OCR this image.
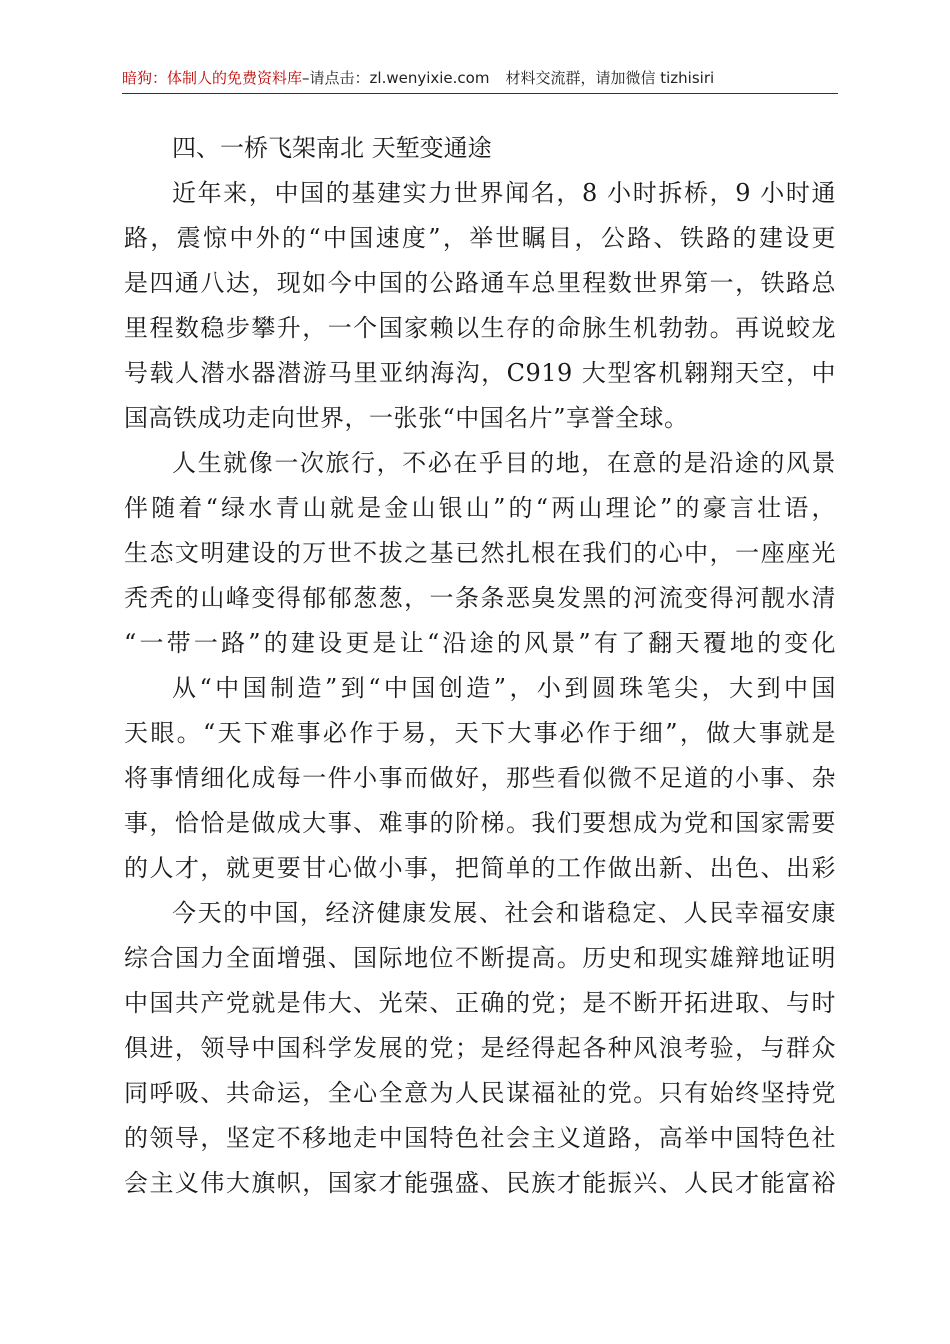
暗狗：体制人的免费资料库–请点击：zl.wenyixie.com 材料交流群，请加微信 tizhisiri
四、一桥飞架南北 天堑变通途
近年来，中国的基建实力世界闻名，8 小时拆桥，9 小时通
路，震惊中外的“中国速度”，举世瞩目，公路、铁路的建设更
是四通八达，现如今中国的公路通车总里程数世界第一，铁路总
里程数稳步攀升，一个国家赖以生存的命脉生机勃勃。再说蛟龙
号载人潜水器潜游马里亚纳海沟，C919 大型客机翱翔天空，中
国高铁成功走向世界，一张张“中国名片”享誉全球。
人生就像一次旅行，不必在乎目的地，在意的是沿途的风景
伴随着“绿水青山就是金山银山”的“两山理论”的豪言壮语，
生态文明建设的万世不拔之基已然扎根在我们的心中，一座座光
秃秃的山峰变得郁郁葱葱，一条条恶臭发黑的河流变得河靓水清
“一带一路”的建设更是让“沿途的风景”有了翻天覆地的变化
从“中国制造”到“中国创造”，小到圆珠笔尖，大到中国
天眼。“天下难事必作于易，天下大事必作于细”，做大事就是
将事情细化成每一件小事而做好，那些看似微不足道的小事、杂
事，恰恰是做成大事、难事的阶梯。我们要想成为党和国家需要
的人才，就更要甘心做小事，把简单的工作做出新、出色、出彩
今天的中国，经济健康发展、社会和谐稳定、人民幸福安康
综合国力全面增强、国际地位不断提高。历史和现实雄辩地证明
中国共产党就是伟大、光荣、正确的党；是不断开拓进取、与时
俱进，领导中国科学发展的党；是经得起各种风浪考验，与群众
同呼吸、共命运，全心全意为人民谋福祉的党。只有始终坚持党
的领导，坚定不移地走中国特色社会主义道路，高举中国特色社
会主义伟大旗帜，国家才能强盛、民族才能振兴、人民才能富裕
